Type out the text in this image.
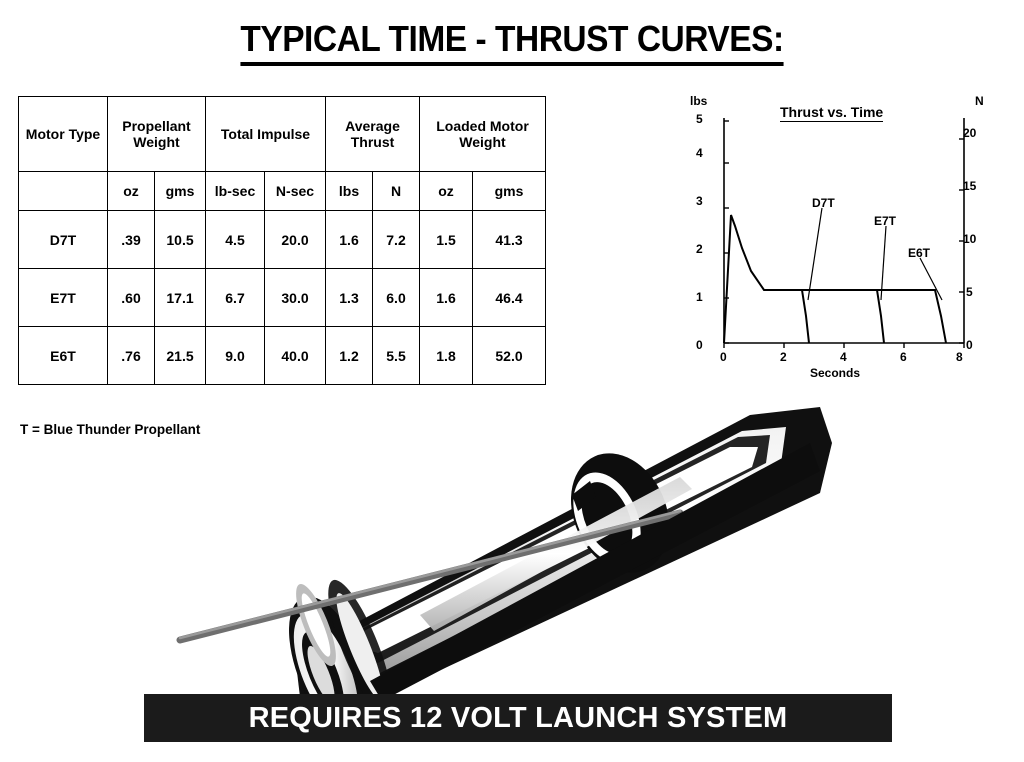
TYPICAL TIME - THRUST CURVES:
Motor Type	Propellant Weight		Total Impulse		Average Thrust		Loaded Motor Weight	
	oz	gms	lb-sec	N-sec	lbs	N	oz	gms
D7T	.39	10.5	4.5	20.0	1.6	7.2	1.5	41.3
E7T	.60	17.1	6.7	30.0	1.3	6.0	1.6	46.4
E6T	.76	21.5	9.0	40.0	1.2	5.5	1.8	52.0
T = Blue Thunder Propellant
Thrust vs. Time
lbs	N
Seconds
0
1
2
3
4
5
0
5
10
15
20
0	2	4	6	8
D7T
E7T
E6T
REQUIRES 12 VOLT LAUNCH SYSTEM
